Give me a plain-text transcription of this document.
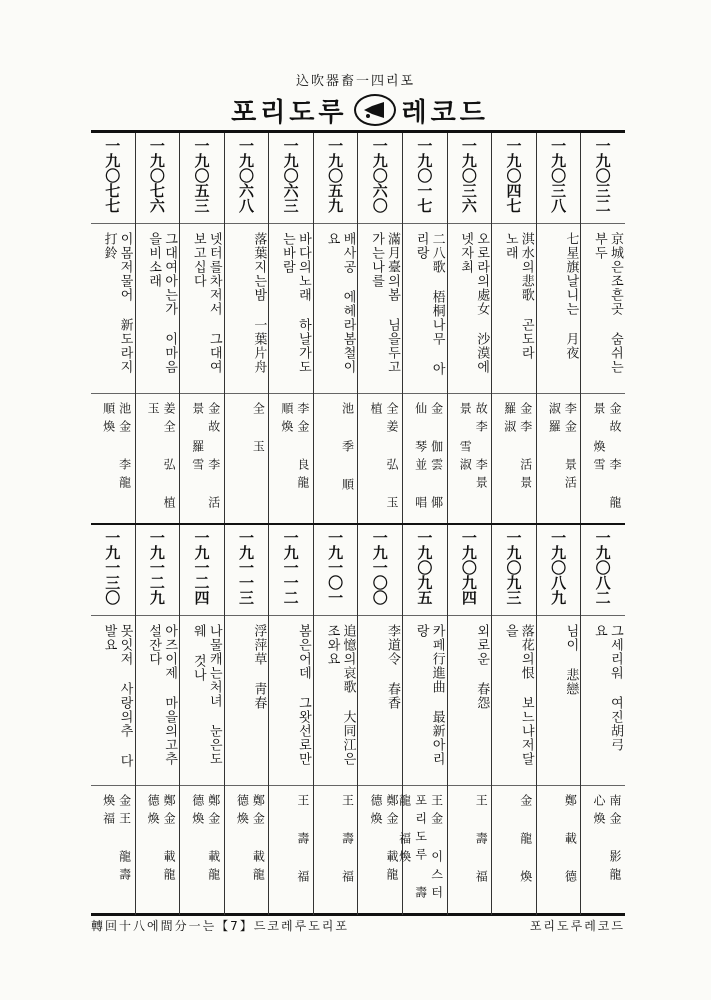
込吹器畜一四리포
포리도루 레코드
一
九
〇
七
七
이몸저물어 新도라지打鈴
池金 李龍 順煥
一
九
〇
七
六
그대여아는가 이마음을비소래
姜全 弘 植玉
一
九
〇
五
三
넷터를차저서 그대여보고십다
金故 李 活景 羅雪
一
九
〇
六
八
落葉지는밤 一葉片舟
全 玉
一
九
〇
六
三
바다의노래 하날가도는바람
李金 良龍 順煥
一
九
〇
五
九
배사공 에헤라봄철이요
池 季 順
一
九
〇
六
〇
滿月臺의봄 님을두고가는나를
全姜 弘 玉植
一
九
〇
一
七
二八歌 梧桐나무 아리랑
金 伽雲 倻仙 琴並 唱
一
九
〇
三
六
오로라의處女 沙漠에넷자최
故李 李景 景 雪淑
一
九
〇
四
七
淇水의悲歌 곤도라 노래
金李 活景 羅淑
一
九
〇
三
八
七星旗날니는 月夜
李金 景活 淑羅
一
九
〇
三
二
京城은조흔곳 숨쉬는부두
金故 李 龍景 煥雪
一
九
一
三
〇
못잇저 사랑의추 다발요
金王 龍壽 煥福
一
九
一
二
九
아즈이제 마을의고추 설잔다
鄭金 載龍 德煥
一
九
一
二
四
나물캐는처녀 눈은도웨 것나
鄭金 載龍 德煥
一
九
一
一
三
浮萍草 靑春
鄭金 載龍 德煥
一
九
一
一
二
봄은어데 그왓선로만
王 壽 福
一
九
一
〇
一
追憶의哀歌 大同江은조와요
王 壽 福
一
九
一
〇
〇
李道令 春香
鄭金 載龍 德煥
一
九
〇
九
五
카페行進曲 最新아리랑
王金 이스터포리도루 壽龍 福煥
一
九
〇
九
四
외로운 春怨
王 壽 福
一
九
〇
九
三
落花의恨 보느냐저달을
金 龍 煥
一
九
〇
八
九
님이 悲戀
鄭 載 德
一
九
〇
八
二
그세리워 여진胡弓 요
南金 影龍 心煥
轉回十八에間分一는【7】드코레루도리포	포리도루레코드
